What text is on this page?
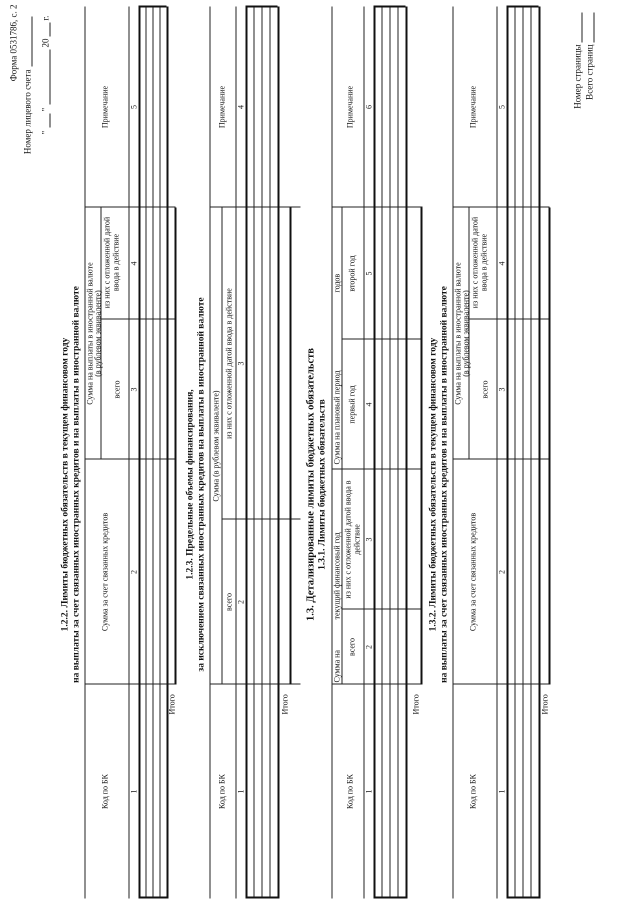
Форма 0531786, с. 2
Номер лицевого счета "
"
20
г.
1.2.2. Лимиты бюджетных обязательств в текущем финансовом году на выплаты за счет связанных иностранных кредитов и на выплаты в иностранной валюте
Код по БК
Сумма за счет связанных кредитов
Сумма на выплаты в иностранной валюте (в рублевом эквиваленте)
всего
из них с отложенной датой ввода в действие
Примечание
1
2
3
4
5
Итого
1.2.3. Предельные объемы финансирования, за исключением связанных иностранных кредитов на выплаты в иностранной валюте
Код по БК
Сумма (в рублевом эквиваленте)
всего
из них с отложенной датой ввода в действие
Примечание
1
2
3
4
Итого
1.3. Детализированные лимиты бюджетных обязательств 1.3.1. Лимиты бюджетных обязательств
Код по БК
Сумма на
текущий финансовый год
Сумма на плановый период
годов
всего
из них с отложенной датой ввода в действие
первый год
второй год
Примечание
1
2
3
4
5
6
Итого
1.3.2. Лимиты бюджетных обязательств в текущем финансовом году на выплаты за счет связанных иностранных кредитов и на выплаты в иностранной валюте
Код по БК
Сумма за счет связанных кредитов
Сумма на выплаты в иностранной валюте (в рублевом эквиваленте)
всего
из них с отложенной датой ввода в действие
Примечание
1
2
3
4
5
Итого
Номер страницы Всего страниц
